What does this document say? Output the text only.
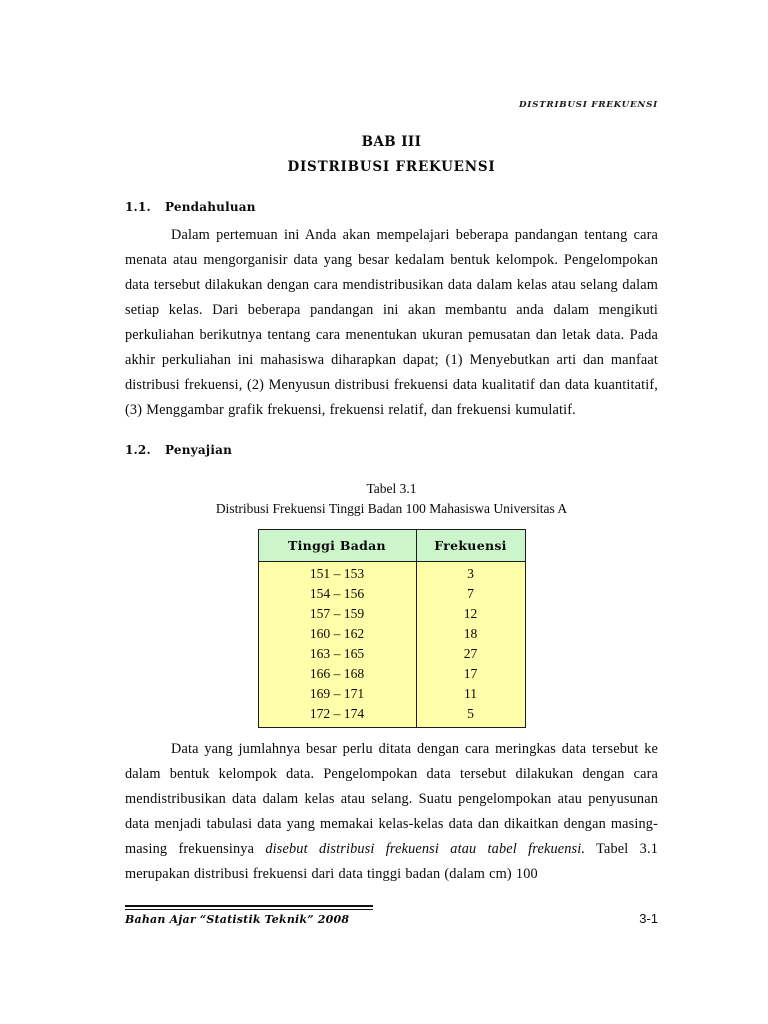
DISTRIBUSI FREKUENSI
BAB III
DISTRIBUSI FREKUENSI
1.1.	Pendahuluan

Dalam pertemuan ini Anda akan mempelajari beberapa pandangan tentang cara menata atau mengorganisir data yang besar kedalam bentuk kelompok. Pengelompokan data tersebut dilakukan dengan cara mendistribusikan data dalam kelas atau selang dalam setiap kelas. Dari beberapa pandangan ini akan membantu anda dalam mengikuti perkuliahan berikutnya tentang cara menentukan ukuran pemusatan dan letak data. Pada akhir perkuliahan ini mahasiswa diharapkan dapat; (1) Menyebutkan arti dan manfaat distribusi frekuensi, (2) Menyusun distribusi frekuensi data kualitatif dan data kuantitatif, (3) Menggambar grafik frekuensi, frekuensi relatif, dan frekuensi kumulatif.

1.2.	Penyajian
Tabel 3.1
Distribusi Frekuensi Tinggi Badan 100 Mahasiswa Universitas A
Tinggi Badan	Frekuensi
151 – 153	3
154 – 156	7
157 – 159	12
160 – 162	18
163 – 165	27
166 – 168	17
169 – 171	11
172 – 174	5

Data yang jumlahnya besar perlu ditata dengan cara meringkas data tersebut ke dalam bentuk kelompok data. Pengelompokan data tersebut dilakukan dengan cara mendistribusikan data dalam kelas atau selang. Suatu pengelompokan atau penyusunan data menjadi tabulasi data yang memakai kelas-kelas data dan dikaitkan dengan masing-masing frekuensinya disebut distribusi frekuensi atau tabel frekuensi. Tabel 3.1 merupakan distribusi frekuensi dari data tinggi badan (dalam cm) 100

Bahan Ajar “Statistik Teknik” 2008	3-1
